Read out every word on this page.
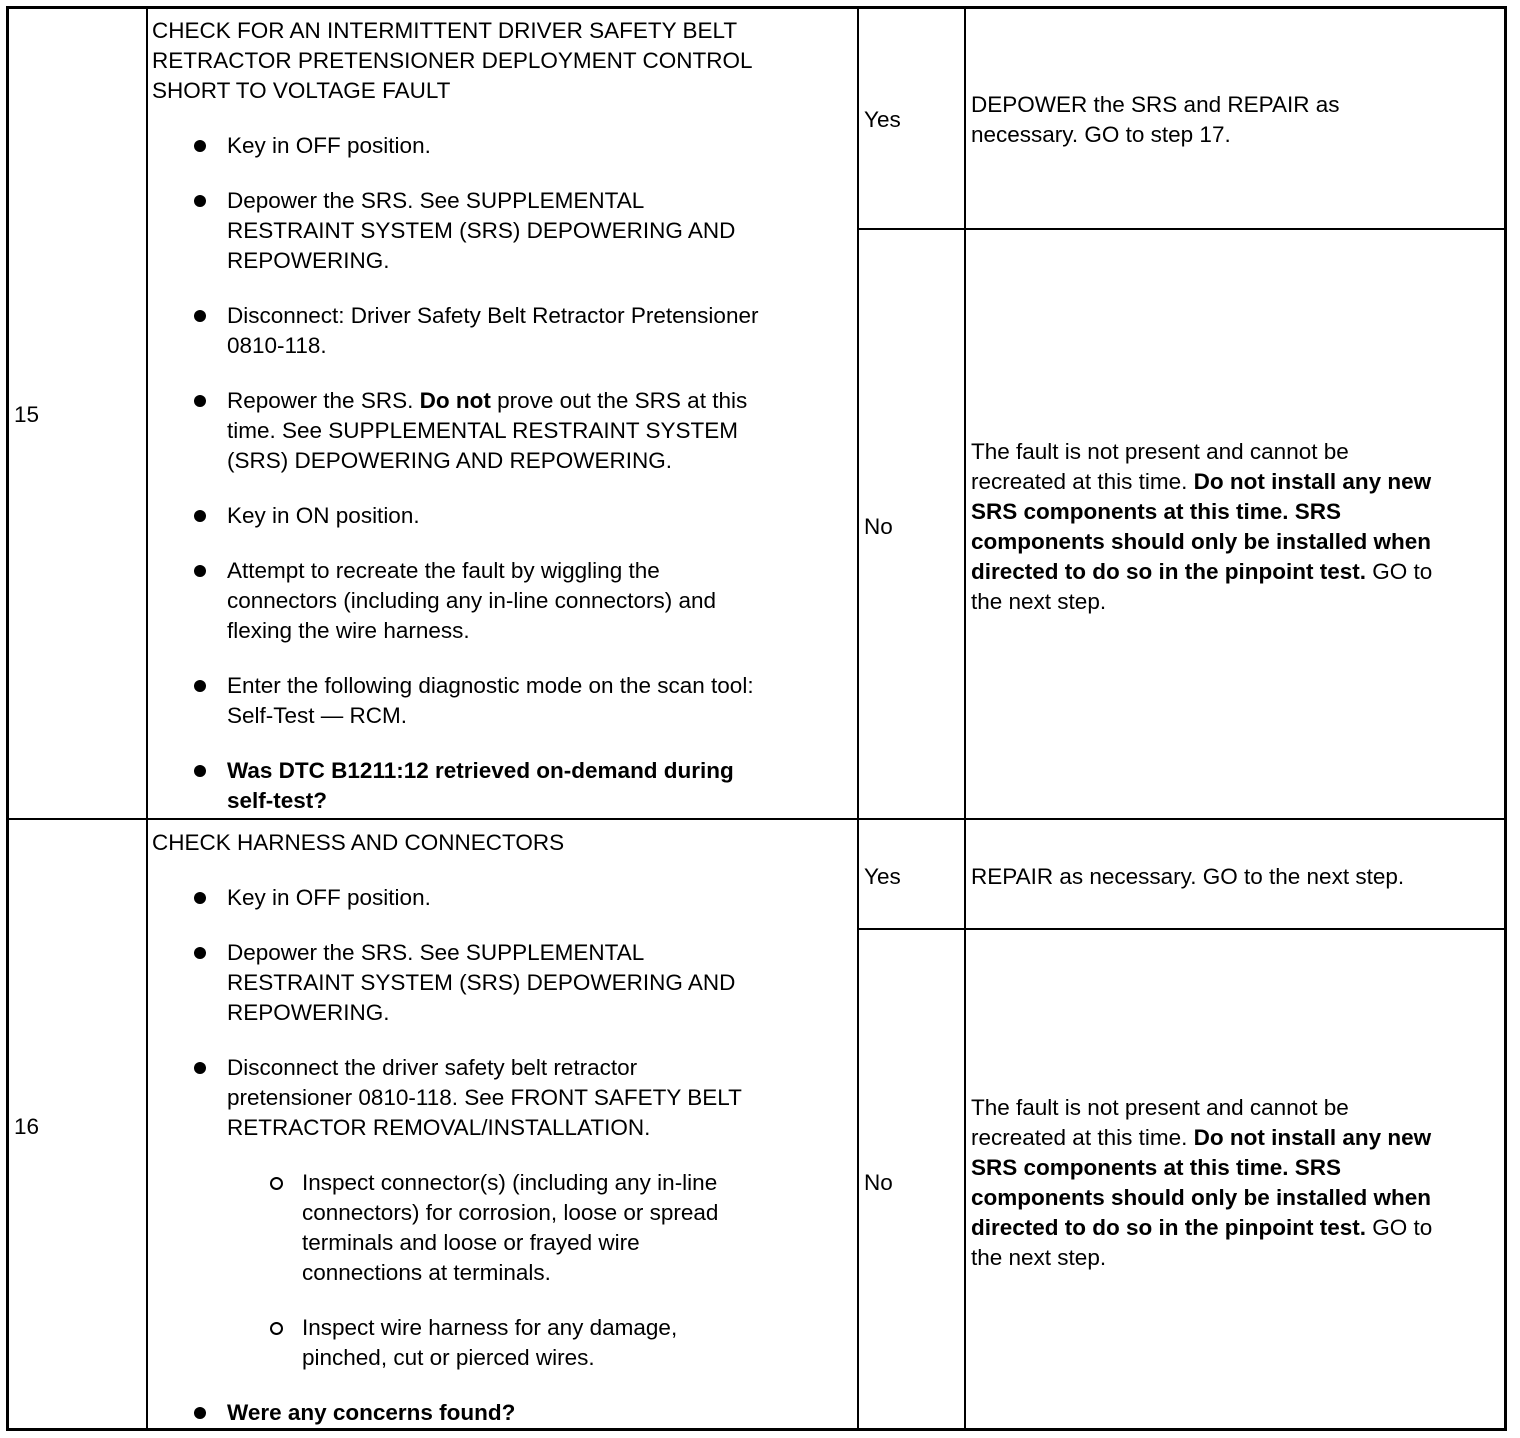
15
CHECK FOR AN INTERMITTENT DRIVER SAFETY BELT
RETRACTOR PRETENSIONER DEPLOYMENT CONTROL
SHORT TO VOLTAGE FAULT
Key in OFF position.
Depower the SRS. See SUPPLEMENTAL
RESTRAINT SYSTEM (SRS) DEPOWERING AND
REPOWERING.
Disconnect: Driver Safety Belt Retractor Pretensioner
0810-118.
Repower the SRS. Do not prove out the SRS at this
time. See SUPPLEMENTAL RESTRAINT SYSTEM
(SRS) DEPOWERING AND REPOWERING.
Key in ON position.
Attempt to recreate the fault by wiggling the
connectors (including any in-line connectors) and
flexing the wire harness.
Enter the following diagnostic mode on the scan tool:
Self-Test — RCM.
Was DTC B1211:12 retrieved on-demand during
self-test?
Yes
DEPOWER the SRS and REPAIR as
necessary. GO to step 17.
No
The fault is not present and cannot be
recreated at this time. Do not install any new
SRS components at this time. SRS
components should only be installed when
directed to do so in the pinpoint test. GO to
the next step.
16
CHECK HARNESS AND CONNECTORS
Key in OFF position.
Depower the SRS. See SUPPLEMENTAL
RESTRAINT SYSTEM (SRS) DEPOWERING AND
REPOWERING.
Disconnect the driver safety belt retractor
pretensioner 0810-118. See FRONT SAFETY BELT
RETRACTOR REMOVAL/INSTALLATION.
Inspect connector(s) (including any in-line
connectors) for corrosion, loose or spread
terminals and loose or frayed wire
connections at terminals.
Inspect wire harness for any damage,
pinched, cut or pierced wires.
Were any concerns found?
Yes	REPAIR as necessary. GO to the next step.
No
The fault is not present and cannot be
recreated at this time. Do not install any new
SRS components at this time. SRS
components should only be installed when
directed to do so in the pinpoint test. GO to
the next step.
